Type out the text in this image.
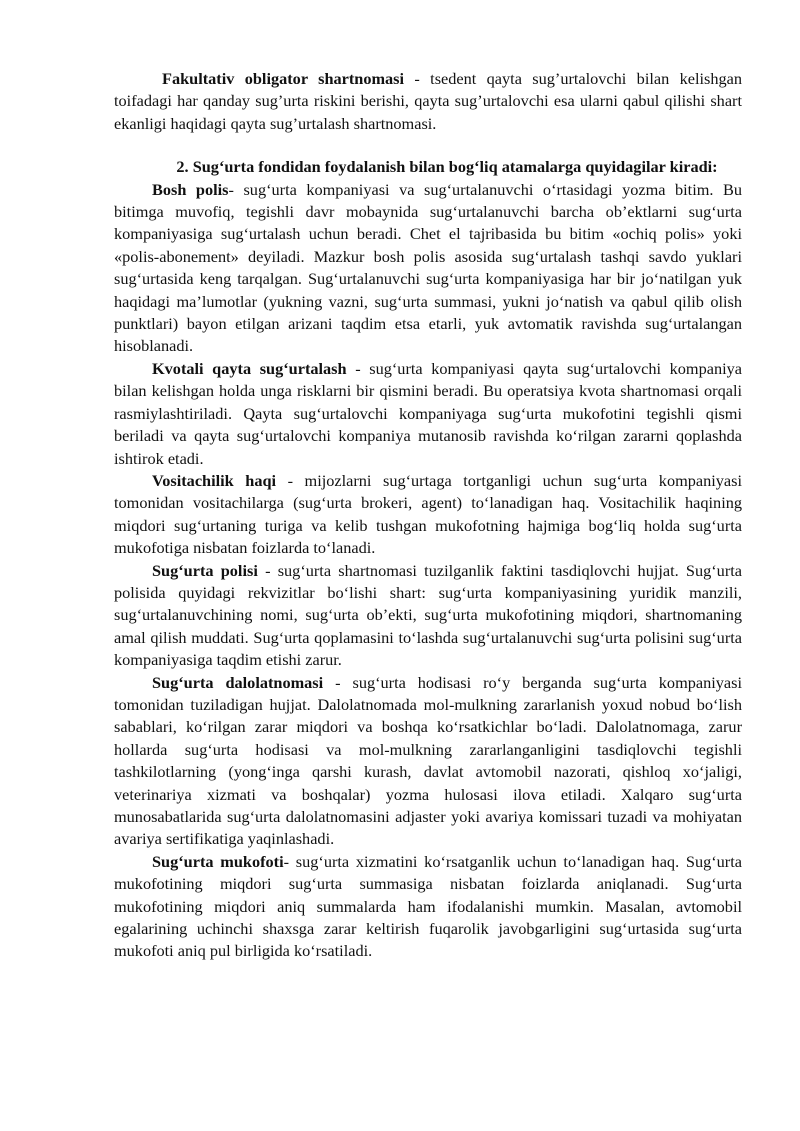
Fakultativ obligator shartnomasi - tsedent qayta sug’urtalovchi bilan kelishgan toifadagi har qanday sug’urta riskini berishi, qayta sug’urtalovchi esa ularni qabul qilishi shart ekanligi haqidagi qayta sug’urtalash shartnomasi.

2. Sug‘urta fondidan foydalanish bilan bog‘liq atamalarga quyidagilar kiradi:

Bosh polis- sug‘urta kompaniyasi va sug‘urtalanuvchi o‘rtasidagi yozma bitim. Bu bitimga muvofiq, tegishli davr mobaynida sug‘urtalanuvchi barcha ob’ektlarni sug‘urta kompaniyasiga sug‘urtalash uchun beradi. Chet el tajribasida bu bitim «ochiq polis» yoki «polis-abonement» deyiladi. Mazkur bosh polis asosida sug‘urtalash tashqi savdo yuklari sug‘urtasida keng tarqalgan. Sug‘urtalanuvchi sug‘urta kompaniyasiga har bir jo‘natilgan yuk haqidagi ma’lumotlar (yukning vazni, sug‘urta summasi, yukni jo‘natish va qabul qilib olish punktlari) bayon etilgan arizani taqdim etsa etarli, yuk avtomatik ravishda sug‘urtalangan hisoblanadi.

Kvotali qayta sug‘urtalash - sug‘urta kompaniyasi qayta sug‘urtalovchi kompaniya bilan kelishgan holda unga risklarni bir qismini beradi. Bu operatsiya kvota shartnomasi orqali rasmiylashtiriladi. Qayta sug‘urtalovchi kompaniyaga sug‘urta mukofotini tegishli qismi beriladi va qayta sug‘urtalovchi kompaniya mutanosib ravishda ko‘rilgan zararni qoplashda ishtirok etadi.

Vositachilik haqi - mijozlarni sug‘urtaga tortganligi uchun sug‘urta kompaniyasi tomonidan vositachilarga (sug‘urta brokeri, agent) to‘lanadigan haq. Vositachilik haqining miqdori sug‘urtaning turiga va kelib tushgan mukofotning hajmiga bog‘liq holda sug‘urta mukofotiga nisbatan foizlarda to‘lanadi.

Sug‘urta polisi - sug‘urta shartnomasi tuzilganlik faktini tasdiqlovchi hujjat. Sug‘urta polisida quyidagi rekvizitlar bo‘lishi shart: sug‘urta kompaniyasining yuridik manzili, sug‘urtalanuvchining nomi, sug‘urta ob’ekti, sug‘urta mukofotining miqdori, shartnomaning amal qilish muddati. Sug‘urta qoplamasini to‘lashda sug‘urtalanuvchi sug‘urta polisini sug‘urta kompaniyasiga taqdim etishi zarur.

Sug‘urta dalolatnomasi - sug‘urta hodisasi ro‘y berganda sug‘urta kompaniyasi tomonidan tuziladigan hujjat. Dalolatnomada mol-mulkning zararlanish yoxud nobud bo‘lish sabablari, ko‘rilgan zarar miqdori va boshqa ko‘rsatkichlar bo‘ladi. Dalolatnomaga, zarur hollarda sug‘urta hodisasi va mol-mulkning zararlanganligini tasdiqlovchi tegishli tashkilotlarning (yong‘inga qarshi kurash, davlat avtomobil nazorati, qishloq xo‘jaligi, veterinariya xizmati va boshqalar) yozma hulosasi ilova etiladi. Xalqaro sug‘urta munosabatlarida sug‘urta dalolatnomasini adjaster yoki avariya komissari tuzadi va mohiyatan avariya sertifikatiga yaqinlashadi.

Sug‘urta mukofoti- sug‘urta xizmatini ko‘rsatganlik uchun to‘lanadigan haq. Sug‘urta mukofotining miqdori sug‘urta summasiga nisbatan foizlarda aniqlanadi. Sug‘urta mukofotining miqdori aniq summalarda ham ifodalanishi mumkin. Masalan, avtomobil egalarining uchinchi shaxsga zarar keltirish fuqarolik javobgarligini sug‘urtasida sug‘urta mukofoti aniq pul birligida ko‘rsatiladi.
